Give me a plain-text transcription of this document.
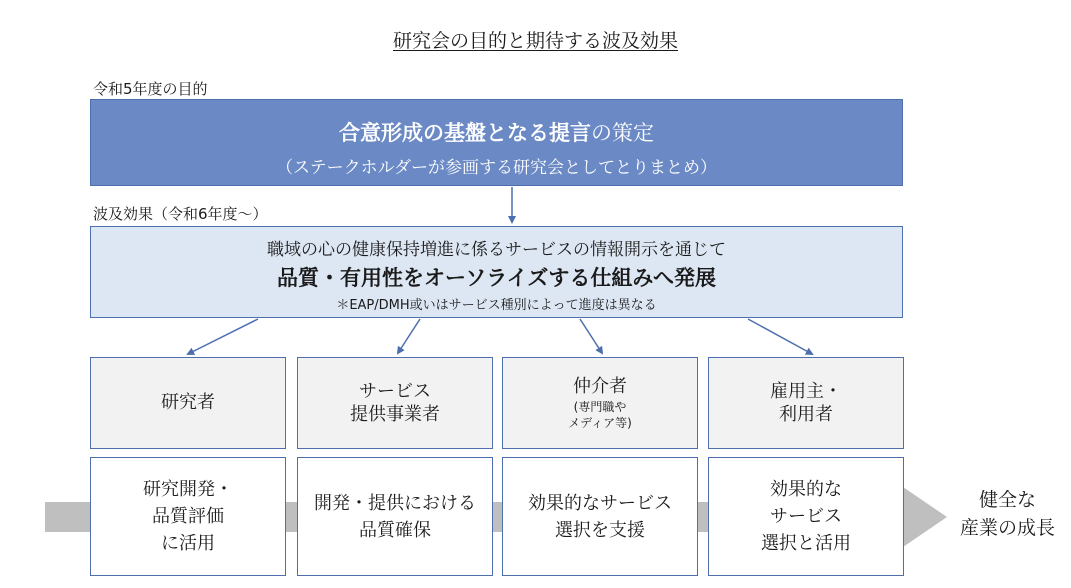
研究会の目的と期待する波及効果
令和5年度の目的
合意形成の基盤となる提言の策定
（ステークホルダーが参画する研究会としてとりまとめ）
波及効果（令和6年度～）
職域の心の健康保持増進に係るサービスの情報開示を通じて
品質・有用性をオーソライズする仕組みへ発展
＊EAP/DMH或いはサービス種別によって進度は異なる
研究者
サービス
提供事業者
仲介者
(専門職や
メディア等)
雇用主・
利用者
研究開発・
品質評価
に活用
開発・提供における
品質確保
効果的なサービス
選択を支援
効果的な
サービス
選択と活用
健全な
産業の成長
